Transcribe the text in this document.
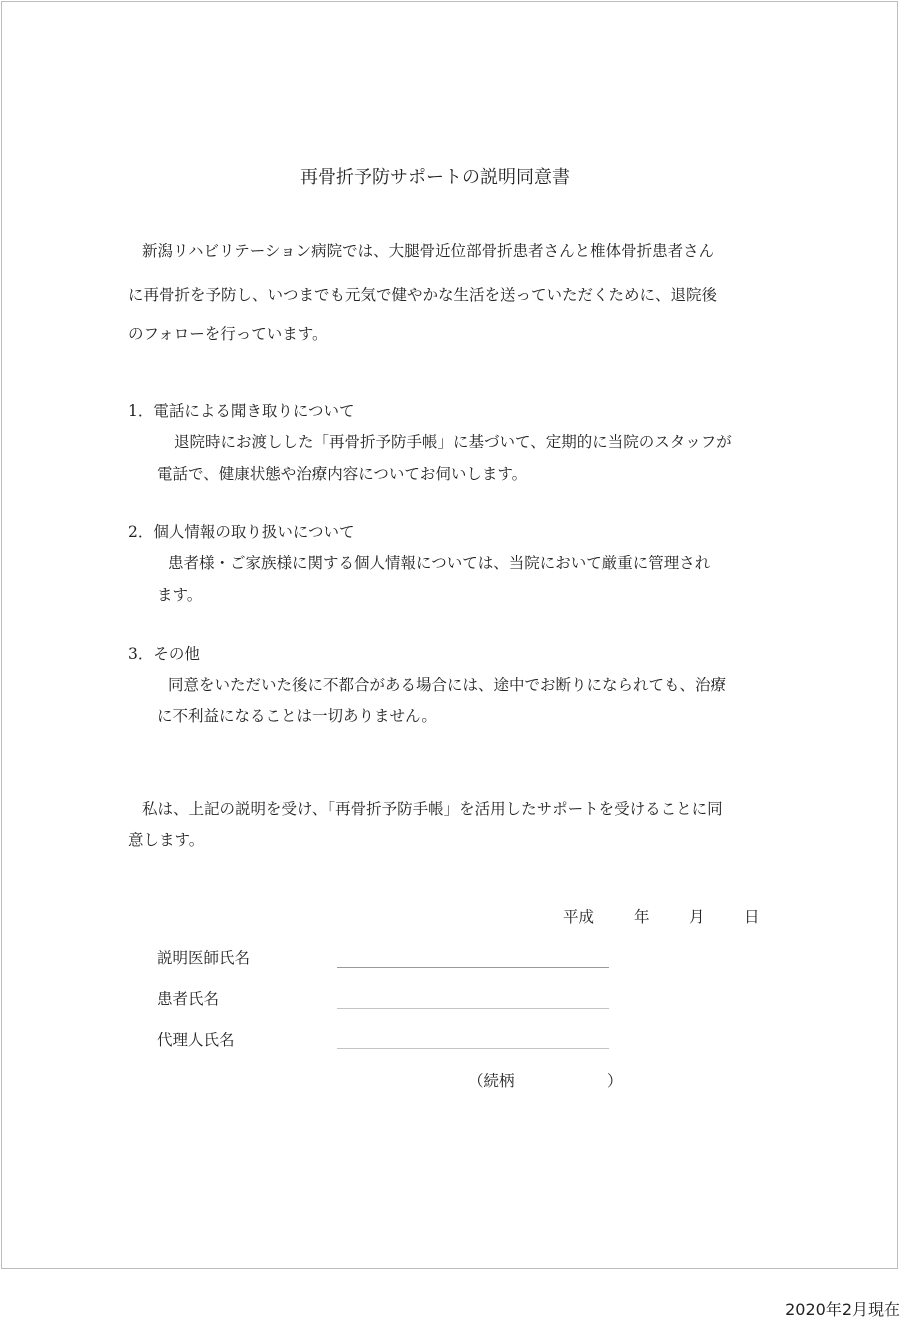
再骨折予防サポートの説明同意書
新潟リハビリテーション病院では、大腿骨近位部骨折患者さんと椎体骨折患者さん
に再骨折を予防し、いつまでも元気で健やかな生活を送っていただくために、退院後
のフォローを行っています。
1．電話による聞き取りについて
退院時にお渡しした「再骨折予防手帳」に基づいて、定期的に当院のスタッフが
電話で、健康状態や治療内容についてお伺いします。
2．個人情報の取り扱いについて
患者様・ご家族様に関する個人情報については、当院において厳重に管理され
ます。
3．その他
同意をいただいた後に不都合がある場合には、途中でお断りになられても、治療
に不利益になることは一切ありません。
私は、上記の説明を受け、「再骨折予防手帳」を活用したサポートを受けることに同
意します。
平成	年	月	日
説明医師氏名
患者氏名
代理人氏名
（続柄	）
2020年2月現在
